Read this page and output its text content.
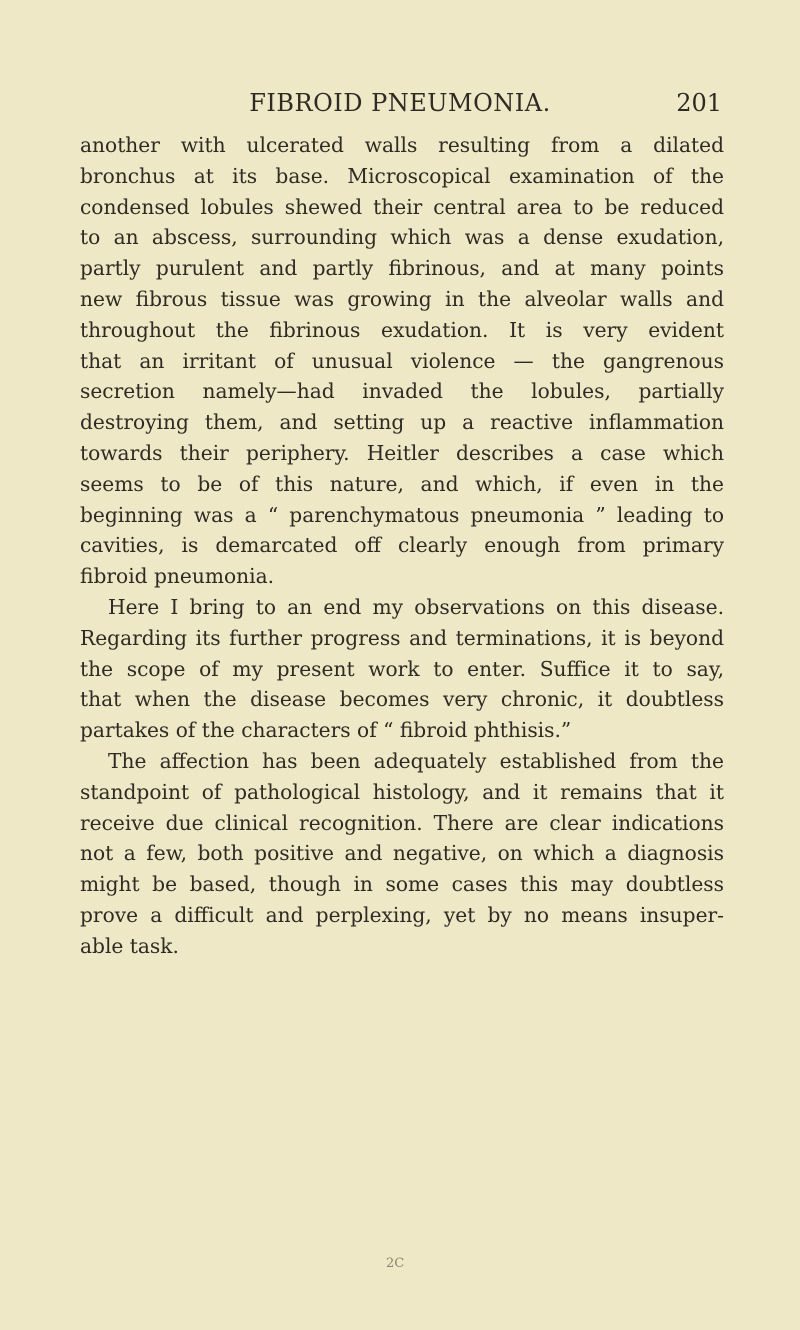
FIBROID PNEUMONIA.	201
another with ulcerated walls resulting from a dilated
bronchus at its base. Microscopical examination of the
condensed lobules shewed their central area to be reduced
to an abscess, surrounding which was a dense exudation,
partly purulent and partly fibrinous, and at many points
new fibrous tissue was growing in the alveolar walls and
throughout the fibrinous exudation. It is very evident
that an irritant of unusual violence — the gangrenous
secretion namely—had invaded the lobules, partially
destroying them, and setting up a reactive inflammation
towards their periphery. Heitler describes a case which
seems to be of this nature, and which, if even in the
beginning was a “ parenchymatous pneumonia ” leading to
cavities, is demarcated off clearly enough from primary
fibroid pneumonia.
Here I bring to an end my observations on this disease.
Regarding its further progress and terminations, it is beyond
the scope of my present work to enter. Suffice it to say,
that when the disease becomes very chronic, it doubtless
partakes of the characters of “ fibroid phthisis.”
The affection has been adequately established from the
standpoint of pathological histology, and it remains that it
receive due clinical recognition. There are clear indications
not a few, both positive and negative, on which a diagnosis
might be based, though in some cases this may doubtless
prove a difficult and perplexing, yet by no means insuper-
able task.
2C
